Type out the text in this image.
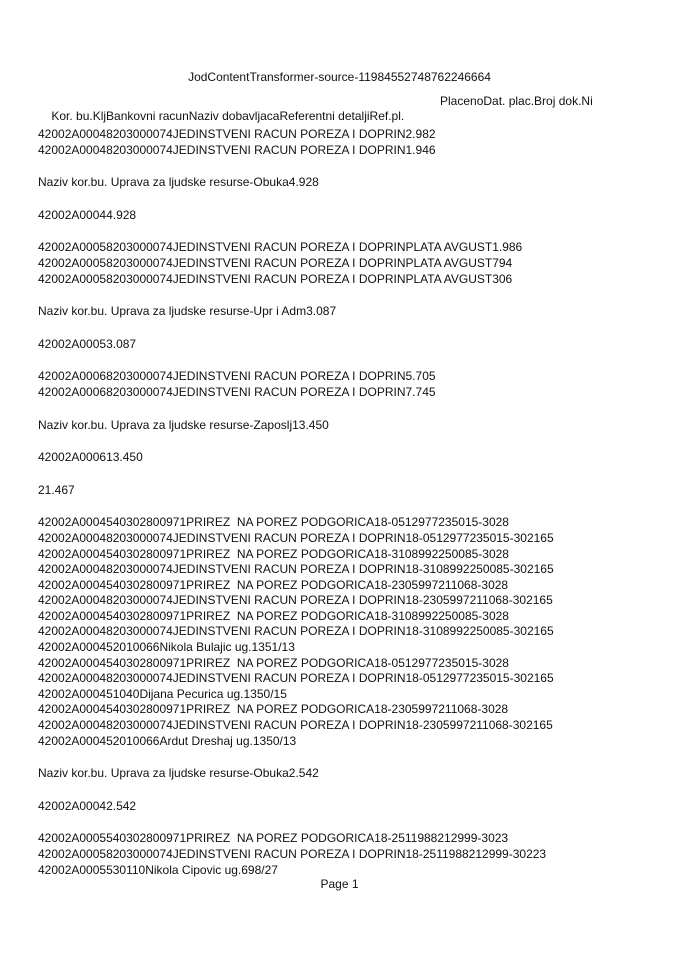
JodContentTransformer-source-11984552748762246664

Kor. bu.KljBankovni racunNaziv dobavljacaReferentni detaljiRef.pl.

PlacenoDat. plac.Broj dok.Ni

42002A00048203000074JEDINSTVENI RACUN POREZA I DOPRIN2.982
42002A00048203000074JEDINSTVENI RACUN POREZA I DOPRIN1.946
Naziv kor.bu. Uprava za ljudske resurse-Obuka4.928
42002A00044.928
42002A00058203000074JEDINSTVENI RACUN POREZA I DOPRINPLATA AVGUST1.986
42002A00058203000074JEDINSTVENI RACUN POREZA I DOPRINPLATA AVGUST794
42002A00058203000074JEDINSTVENI RACUN POREZA I DOPRINPLATA AVGUST306
Naziv kor.bu. Uprava za ljudske resurse-Upr i Adm3.087
42002A00053.087
42002A00068203000074JEDINSTVENI RACUN POREZA I DOPRIN5.705
42002A00068203000074JEDINSTVENI RACUN POREZA I DOPRIN7.745
Naziv kor.bu. Uprava za ljudske resurse-Zaposlj13.450
42002A000613.450
21.467
42002A0004540302800971PRIREZ  NA POREZ PODGORICA18-0512977235015-3028
42002A00048203000074JEDINSTVENI RACUN POREZA I DOPRIN18-0512977235015-302165
42002A0004540302800971PRIREZ  NA POREZ PODGORICA18-3108992250085-3028
42002A00048203000074JEDINSTVENI RACUN POREZA I DOPRIN18-3108992250085-302165
42002A0004540302800971PRIREZ  NA POREZ PODGORICA18-2305997211068-3028
42002A00048203000074JEDINSTVENI RACUN POREZA I DOPRIN18-2305997211068-302165
42002A0004540302800971PRIREZ  NA POREZ PODGORICA18-3108992250085-3028
42002A00048203000074JEDINSTVENI RACUN POREZA I DOPRIN18-3108992250085-302165
42002A000452010066Nikola Bulajic ug.1351/13
42002A0004540302800971PRIREZ  NA POREZ PODGORICA18-0512977235015-3028
42002A00048203000074JEDINSTVENI RACUN POREZA I DOPRIN18-0512977235015-302165
42002A000451040Dijana Pecurica ug.1350/15
42002A0004540302800971PRIREZ  NA POREZ PODGORICA18-2305997211068-3028
42002A00048203000074JEDINSTVENI RACUN POREZA I DOPRIN18-2305997211068-302165
42002A000452010066Ardut Dreshaj ug.1350/13
Naziv kor.bu. Uprava za ljudske resurse-Obuka2.542
42002A00042.542
42002A0005540302800971PRIREZ  NA POREZ PODGORICA18-2511988212999-3023
42002A00058203000074JEDINSTVENI RACUN POREZA I DOPRIN18-2511988212999-30223
42002A0005530110Nikola Cipovic ug.698/27
Page 1
